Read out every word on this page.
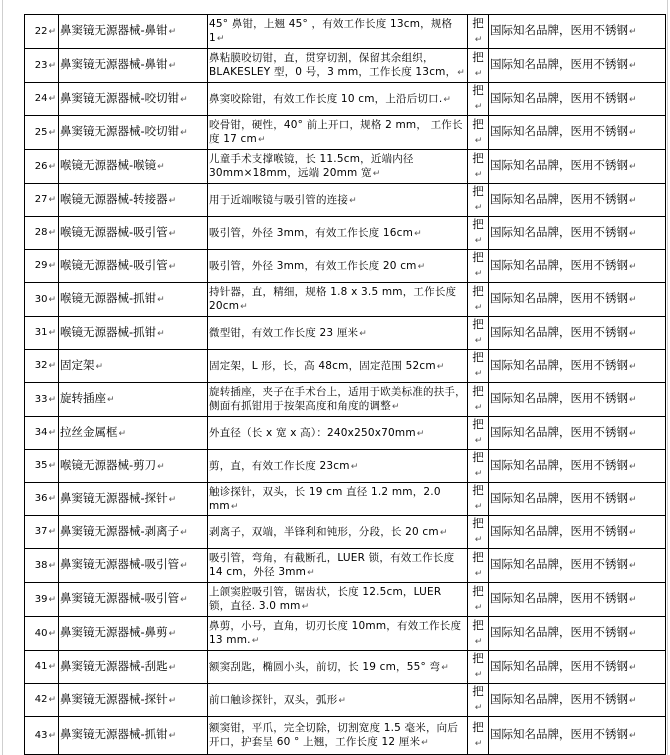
22↵	鼻窦镜无源器械-鼻钳↵	45° 鼻钳，上翘 45° ，有效工作长度 13cm，规格 1↵	把↵	国际知名品牌，医用不锈钢↵
23↵	鼻窦镜无源器械-鼻钳↵	鼻粘膜咬切钳，直，贯穿切割，保留其余组织，BLAKESLEY 型，0 号，3 mm，工作长度 13cm，↵	把↵	国际知名品牌，医用不锈钢↵
24↵	鼻窦镜无源器械-咬切钳↵	鼻窦咬除钳，有效工作长度 10 cm，上沿后切口.↵	把↵	国际知名品牌，医用不锈钢↵
25↵	鼻窦镜无源器械-咬切钳↵	咬骨钳，硬性，40° 前上开口，规格 2 mm， 工作长度 17 cm↵	把↵	国际知名品牌，医用不锈钢↵
26↵	喉镜无源器械-喉镜↵	儿童手术支撑喉镜，长 11.5cm，近端内径 30mm×18mm，远端 20mm 宽↵	把↵	国际知名品牌，医用不锈钢↵
27↵	喉镜无源器械-转接器↵	用于近端喉镜与吸引管的连接↵	把↵	国际知名品牌，医用不锈钢↵
28↵	喉镜无源器械-吸引管↵	吸引管，外径 3mm，有效工作长度 16cm↵	把↵	国际知名品牌，医用不锈钢↵
29↵	喉镜无源器械-吸引管↵	吸引管，外径 3mm，有效工作长度 20 cm↵	把↵	国际知名品牌，医用不锈钢↵
30↵	喉镜无源器械-抓钳↵	持针器，直，精细，规格 1.8 x 3.5 mm，工作长度 20cm↵	把↵	国际知名品牌，医用不锈钢↵
31↵	喉镜无源器械-抓钳↵	微型钳，有效工作长度 23 厘米↵	把↵	国际知名品牌，医用不锈钢↵
32↵	固定架↵	固定架，L 形，长，高 48cm，固定范围 52cm↵	把↵	国际知名品牌，医用不锈钢↵
33↵	旋转插座↵	旋转插座，夹子在手术台上，适用于欧美标准的扶手，侧面有抓钳用于按架高度和角度的调整↵	把↵	国际知名品牌，医用不锈钢↵
34↵	拉丝金属框↵	外直径（长 x 宽 x 高）：240x250x70mm↵	把↵	国际知名品牌，医用不锈钢↵
35↵	喉镜无源器械-剪刀↵	剪，直，有效工作长度 23cm↵	把↵	国际知名品牌，医用不锈钢↵
36↵	鼻窦镜无源器械-探针↵	触诊探针，双头，长 19 cm 直径 1.2 mm，2.0 mm↵	把↵	国际知名品牌，医用不锈钢↵
37↵	鼻窦镜无源器械-剥离子↵	剥离子，双端，半锋利和钝形，分段，长 20 cm↵	把↵	国际知名品牌，医用不锈钢↵
38↵	鼻窦镜无源器械-吸引管↵	吸引管，弯角，有截断孔，LUER 锁，有效工作长度 14 cm，外径 3mm↵	把↵	国际知名品牌，医用不锈钢↵
39↵	鼻窦镜无源器械-吸引管↵	上颌窦腔吸引管，锯齿状，长度 12.5cm，LUER 锁，直径. 3.0 mm↵	把↵	国际知名品牌，医用不锈钢↵
40↵	鼻窦镜无源器械-鼻剪↵	鼻剪，小号，直角，切刃长度 10mm，有效工作长度 13 mm.↵	把↵	国际知名品牌，医用不锈钢↵
41↵	鼻窦镜无源器械-刮匙↵	额窦刮匙，椭圆小头，前切，长 19 cm，55° 弯↵	把↵	国际知名品牌，医用不锈钢↵
42↵	鼻窦镜无源器械-探针↵	前口触诊探针，双头，弧形↵	把↵	国际知名品牌，医用不锈钢↵
43↵	鼻窦镜无源器械-抓钳↵	额窦钳，平爪，完全切除，切割宽度 1.5 毫米，向后开口，护套呈 60 ° 上翘，工作长度 12 厘米↵	把↵	国际知名品牌，医用不锈钢↵
